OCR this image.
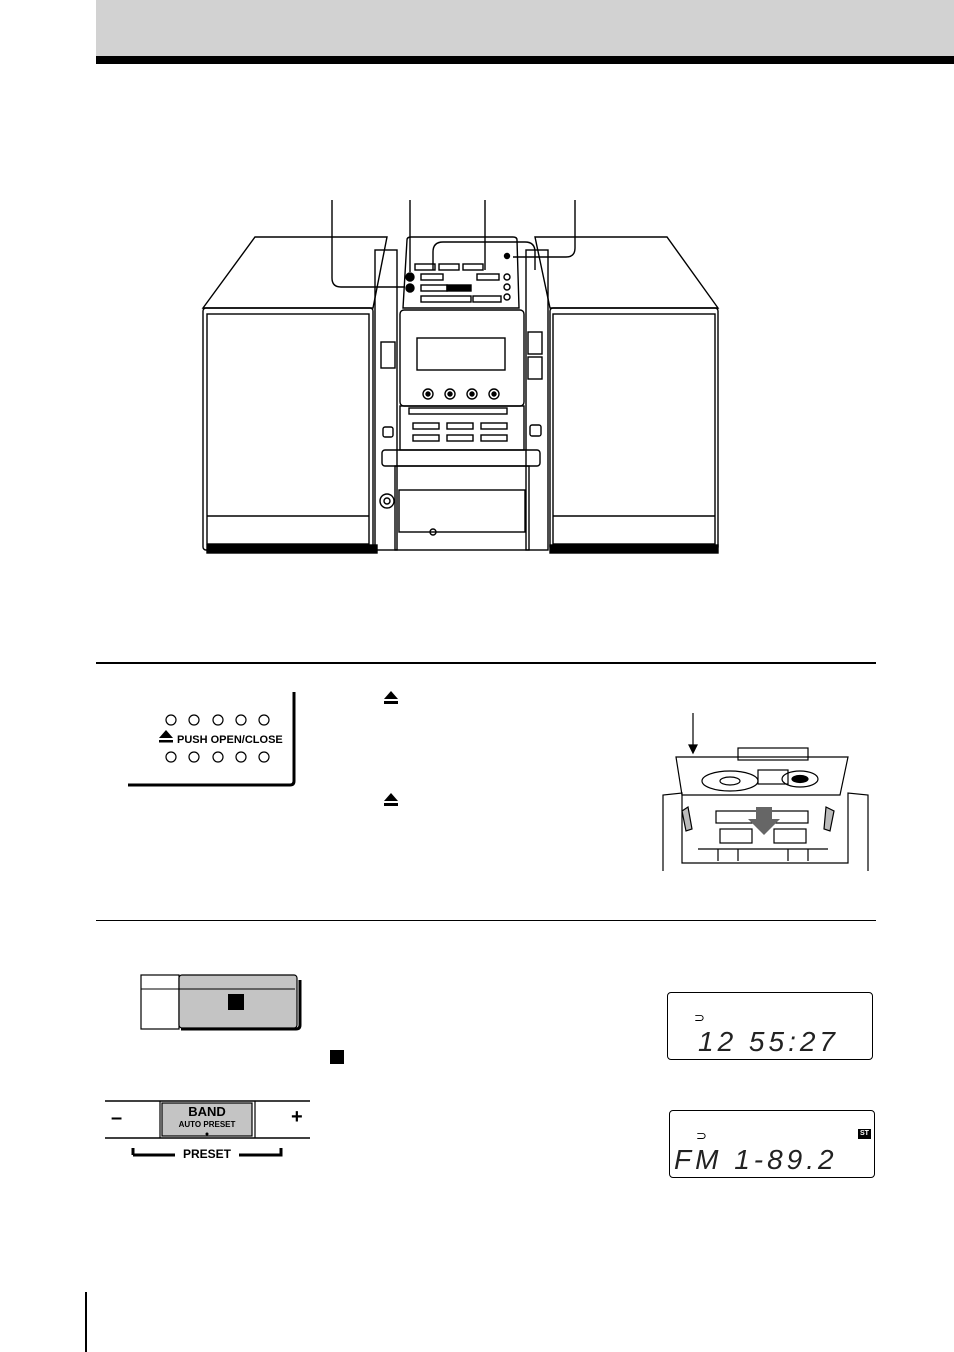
PUSH OPEN/CLOSE
–	BAND
AUTO PRESET	+
PRESET
⊃
12 55:27
⊃	ST
FM 1-89.2
